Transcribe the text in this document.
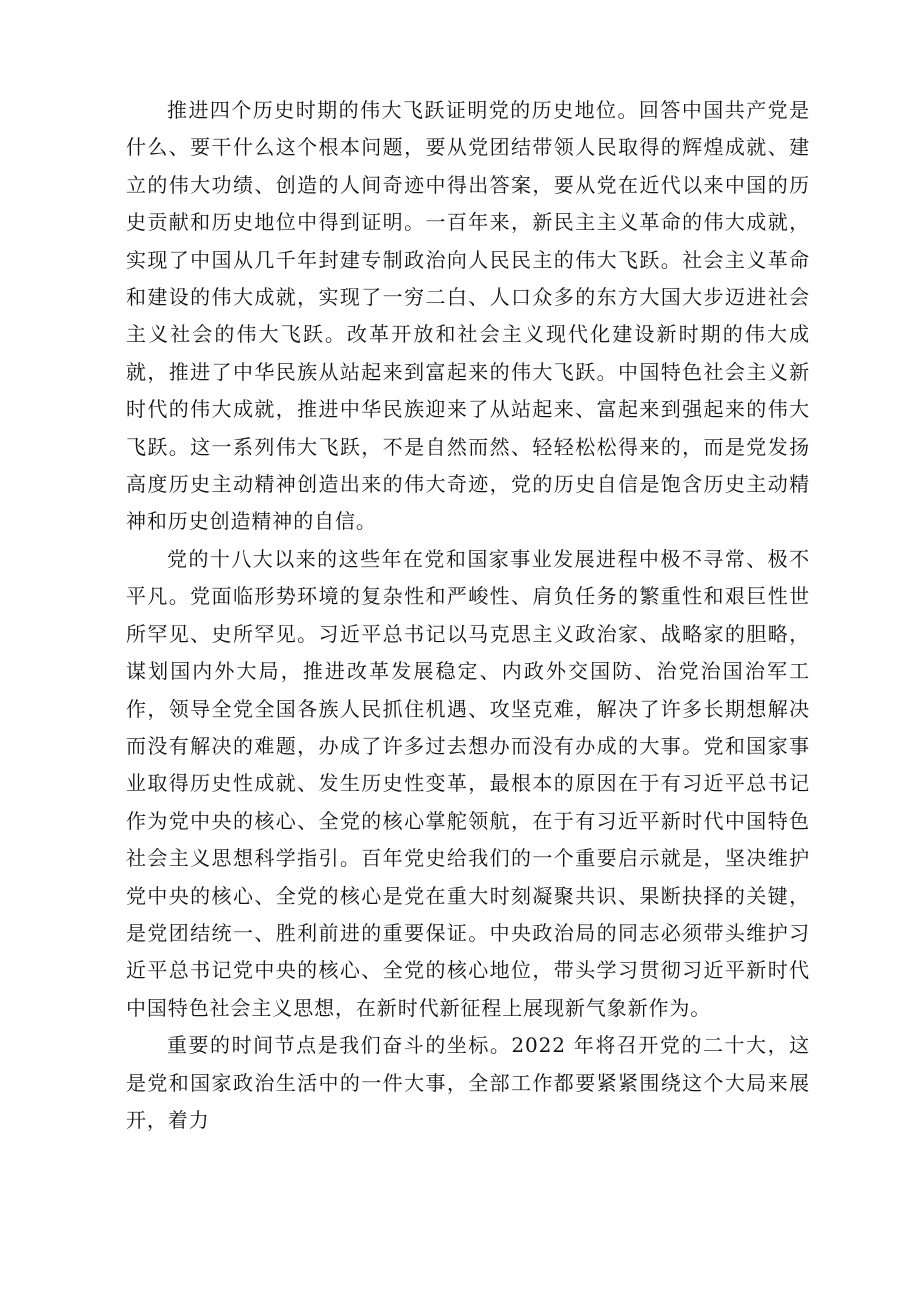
推进四个历史时期的伟大飞跃证明党的历史地位。回答中国共产党是什么、要干什么这个根本问题，要从党团结带领人民取得的辉煌成就、建立的伟大功绩、创造的人间奇迹中得出答案，要从党在近代以来中国的历史贡献和历史地位中得到证明。一百年来，新民主主义革命的伟大成就，实现了中国从几千年封建专制政治向人民民主的伟大飞跃。社会主义革命和建设的伟大成就，实现了一穷二白、人口众多的东方大国大步迈进社会主义社会的伟大飞跃。改革开放和社会主义现代化建设新时期的伟大成就，推进了中华民族从站起来到富起来的伟大飞跃。中国特色社会主义新时代的伟大成就，推进中华民族迎来了从站起来、富起来到强起来的伟大飞跃。这一系列伟大飞跃，不是自然而然、轻轻松松得来的，而是党发扬高度历史主动精神创造出来的伟大奇迹，党的历史自信是饱含历史主动精神和历史创造精神的自信。

党的十八大以来的这些年在党和国家事业发展进程中极不寻常、极不平凡。党面临形势环境的复杂性和严峻性、肩负任务的繁重性和艰巨性世所罕见、史所罕见。习近平总书记以马克思主义政治家、战略家的胆略，谋划国内外大局，推进改革发展稳定、内政外交国防、治党治国治军工作，领导全党全国各族人民抓住机遇、攻坚克难，解决了许多长期想解决而没有解决的难题，办成了许多过去想办而没有办成的大事。党和国家事业取得历史性成就、发生历史性变革，最根本的原因在于有习近平总书记作为党中央的核心、全党的核心掌舵领航，在于有习近平新时代中国特色社会主义思想科学指引。百年党史给我们的一个重要启示就是，坚决维护党中央的核心、全党的核心是党在重大时刻凝聚共识、果断抉择的关键，是党团结统一、胜利前进的重要保证。中央政治局的同志必须带头维护习近平总书记党中央的核心、全党的核心地位，带头学习贯彻习近平新时代中国特色社会主义思想，在新时代新征程上展现新气象新作为。

重要的时间节点是我们奋斗的坐标。2022 年将召开党的二十大，这是党和国家政治生活中的一件大事，全部工作都要紧紧围绕这个大局来展开，着力
